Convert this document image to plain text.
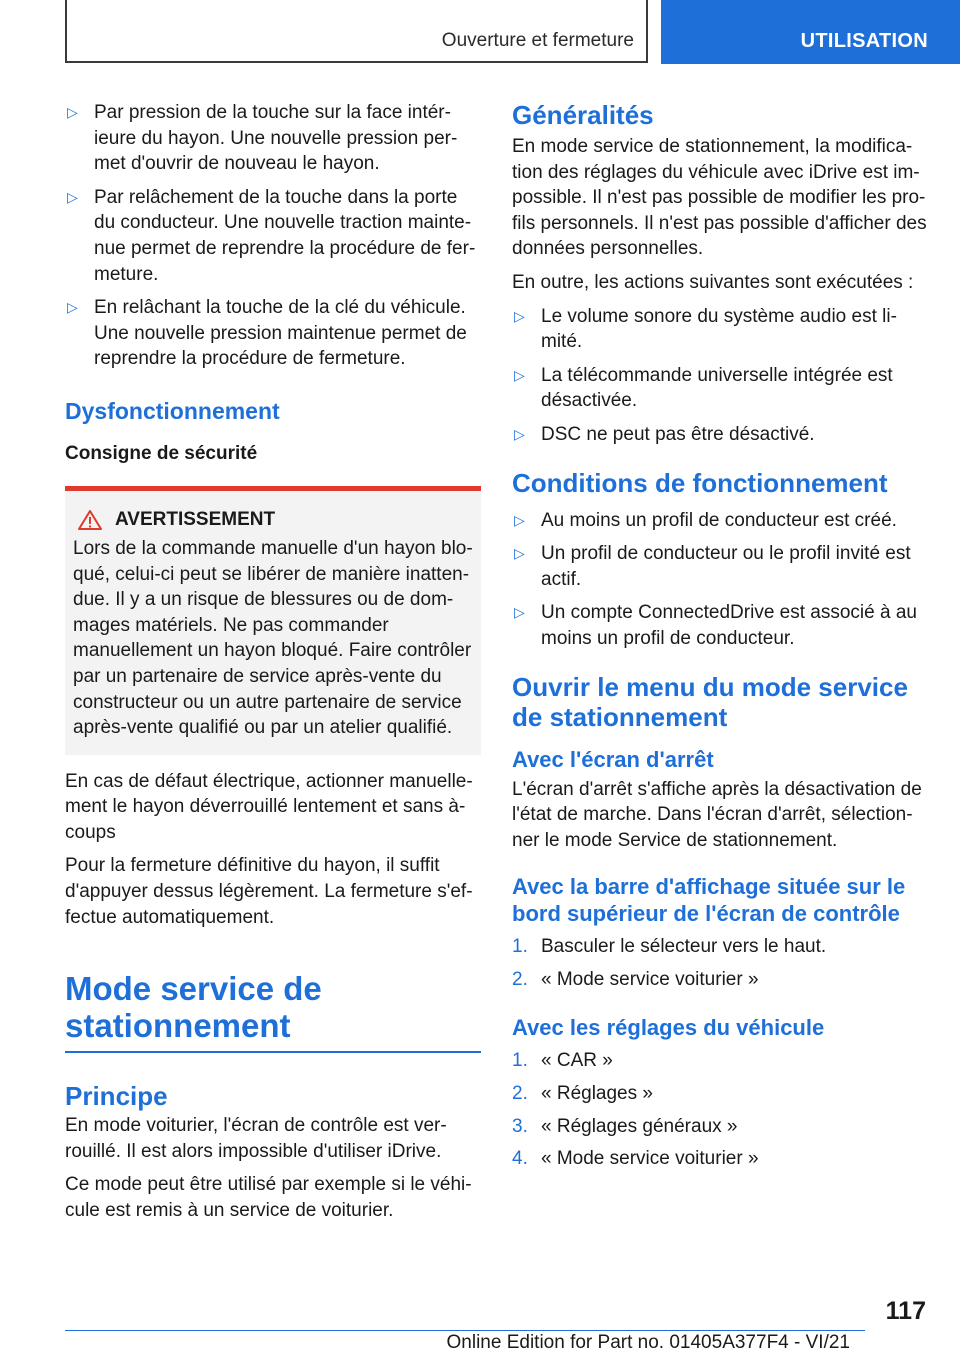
Ouverture et fermeture	UTILISATION
▷ Par pression de la touche sur la face intér-ieure du hayon. Une nouvelle pression per-met d'ouvrir de nouveau le hayon.
▷ Par relâchement de la touche dans la porte du conducteur. Une nouvelle traction mainte-nue permet de reprendre la procédure de fer-meture.
▷ En relâchant la touche de la clé du véhicule. Une nouvelle pression maintenue permet de reprendre la procédure de fermeture.
Dysfonctionnement
Consigne de sécurité
AVERTISSEMENT

Lors de la commande manuelle d'un hayon blo-qué, celui-ci peut se libérer de manière inatten-due. Il y a un risque de blessures ou de dom-mages matériels. Ne pas commander manuellement un hayon bloqué. Faire contrôler par un partenaire de service après-vente du constructeur ou un autre partenaire de service après-vente qualifié ou par un atelier qualifié.

En cas de défaut électrique, actionner manuelle-ment le hayon déverrouillé lentement et sans à-coups

Pour la fermeture définitive du hayon, il suffit d'appuyer dessus légèrement. La fermeture s'ef-fectue automatiquement.

Mode service de stationnement
Principe

En mode voiturier, l'écran de contrôle est ver-rouillé. Il est alors impossible d'utiliser iDrive.

Ce mode peut être utilisé par exemple si le véhi-cule est remis à un service de voiturier.

Généralités

En mode service de stationnement, la modifica-tion des réglages du véhicule avec iDrive est im-possible. Il n'est pas possible de modifier les pro-fils personnels. Il n'est pas possible d'afficher des données personnelles.

En outre, les actions suivantes sont exécutées :

▷ Le volume sonore du système audio est li-mité.
▷ La télécommande universelle intégrée est désactivée.
▷ DSC ne peut pas être désactivé.
Conditions de fonctionnement
▷ Au moins un profil de conducteur est créé.
▷ Un profil de conducteur ou le profil invité est actif.
▷ Un compte ConnectedDrive est associé à au moins un profil de conducteur.
Ouvrir le menu du mode service de stationnement
Avec l'écran d'arrêt

L'écran d'arrêt s'affiche après la désactivation de l'état de marche. Dans l'écran d'arrêt, sélection-ner le mode Service de stationnement.

Avec la barre d'affichage située sur le bord supérieur de l'écran de contrôle
1. Basculer le sélecteur vers le haut.
2. « Mode service voiturier »
Avec les réglages du véhicule
1. « CAR »
2. « Réglages »
3. « Réglages généraux »
4. « Mode service voiturier »
117
Online Edition for Part no. 01405A377F4 - VI/21
